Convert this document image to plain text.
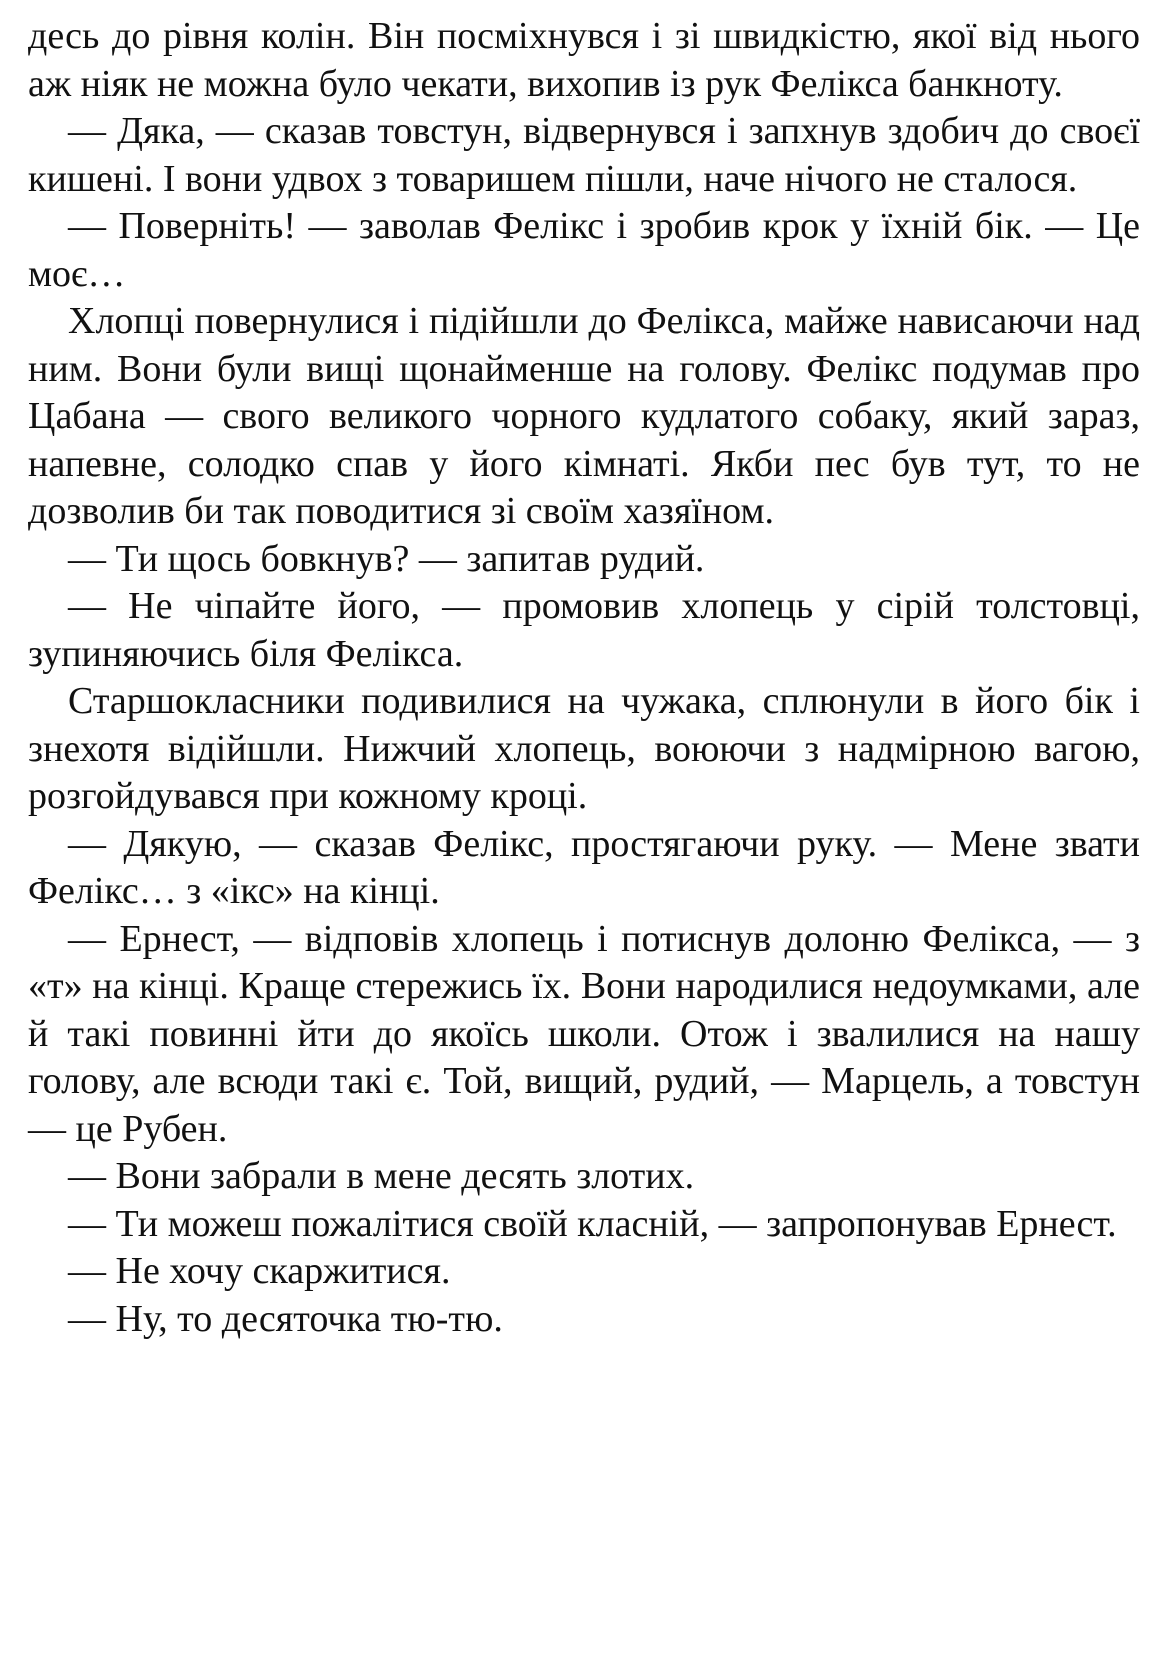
десь до рівня колін. Він посміхнувся і зі швидкістю, якої від нього аж ніяк не можна було чекати, вихопив із рук Фелікса банкноту.

— Дяка, — сказав товстун, відвернувся і запхнув здобич до своєї кишені. І вони удвох з товаришем пішли, наче нічого не сталося.

— Поверніть! — заволав Фелікс і зробив крок у їхній бік. — Це моє…

Хлопці повернулися і підійшли до Фелікса, майже нависаючи над ним. Вони були вищі щонайменше на голову. Фелікс подумав про Цабана — свого великого чорного кудлатого собаку, який зараз, напевне, солодко спав у його кімнаті. Якби пес був тут, то не дозволив би так поводитися зі своїм хазяїном.

— Ти щось бовкнув? — запитав рудий.

— Не чіпайте його, — промовив хлопець у сірій толстовці, зупиняючись біля Фелікса.

Старшокласники подивилися на чужака, сплюнули в його бік і знехотя відійшли. Нижчий хлопець, воюючи з надмірною вагою, розгойдувався при кожному кроці.

— Дякую, — сказав Фелікс, простягаючи руку. — Мене звати Фелікс… з «ікс» на кінці.

— Ернест, — відповів хлопець і потиснув долоню Фелікса, — з «т» на кінці. Краще стережись їх. Вони народилися недоумками, але й такі повинні йти до якоїсь школи. Отож і звалилися на нашу голову, але всюди такі є. Той, вищий, рудий, — Марцель, а товстун — це Рубен.

— Вони забрали в мене десять злотих.

— Ти можеш пожалітися своїй класній, — запропонував Ернест.

— Не хочу скаржитися.

— Ну, то десяточка тю-тю.
